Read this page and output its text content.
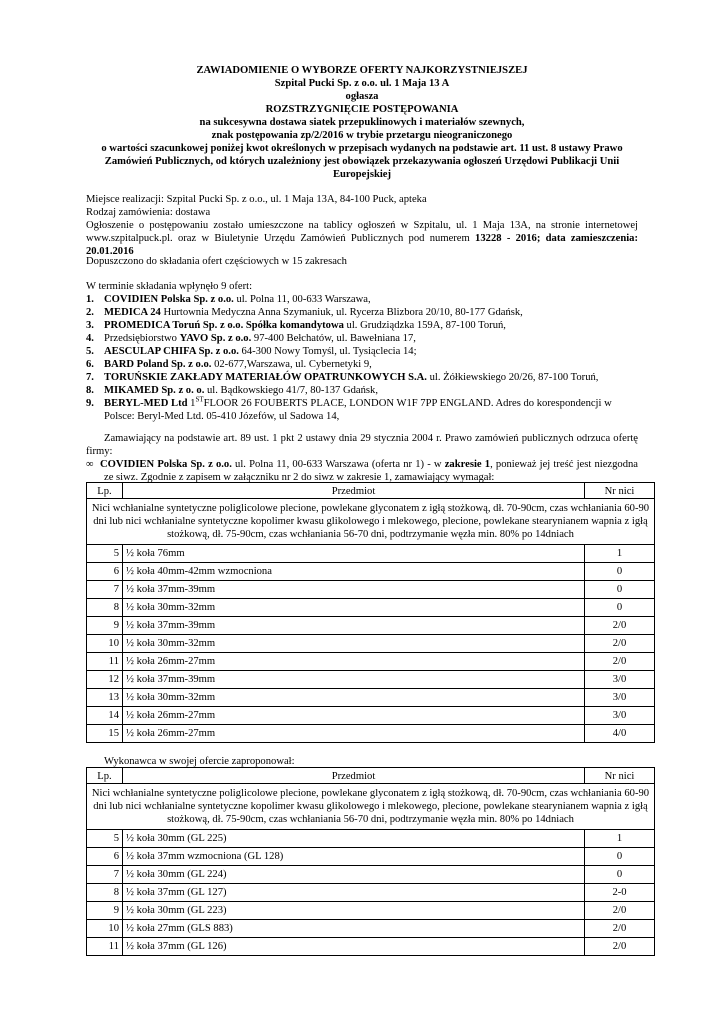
ZAWIADOMIENIE O WYBORZE OFERTY NAJKORZYSTNIEJSZEJ
Szpital Pucki Sp. z o.o. ul. 1 Maja 13 A
ogłasza
ROZSTRZYGNIĘCIE POSTĘPOWANIA
na sukcesywna dostawa siatek przepuklinowych i materiałów szewnych,
znak postępowania zp/2/2016 w trybie przetargu nieograniczonego
o wartości szacunkowej poniżej kwot określonych w przepisach wydanych na podstawie art. 11 ust. 8 ustawy Prawo Zamówień Publicznych, od których uzależniony jest obowiązek przekazywania ogłoszeń Urzędowi Publikacji Unii Europejskiej
Miejsce realizacji: Szpital Pucki Sp. z o.o., ul. 1 Maja 13A, 84-100 Puck, apteka
Rodzaj zamówienia: dostawa
Ogłoszenie o postępowaniu zostało umieszczone na tablicy ogłoszeń w Szpitalu, ul. 1 Maja 13A, na stronie internetowej www.szpitalpuck.pl. oraz w Biuletynie Urzędu Zamówień Publicznych pod numerem 13228 - 2016; data zamieszczenia: 20.01.2016
Dopuszczono do składania ofert częściowych w 15 zakresach
W terminie składania wpłynęło 9 ofert:
1. COVIDIEN Polska Sp. z o.o. ul. Polna 11, 00-633 Warszawa,
2. MEDICA 24 Hurtownia Medyczna Anna Szymaniuk, ul. Rycerza Blizbora 20/10, 80-177 Gdańsk,
3. PROMEDICA Toruń Sp. z o.o. Spółka komandytowa ul. Grudziądzka 159A, 87-100 Toruń,
4. Przedsiębiorstwo YAVO Sp. z o.o. 97-400 Bełchatów, ul. Bawełniana 17,
5. AESCULAP CHIFA Sp. z o.o. 64-300 Nowy Tomyśl, ul. Tysiąclecia 14;
6. BARD Poland Sp. z o.o. 02-677,Warszawa, ul. Cybernetyki 9,
7. TORUŃSKIE ZAKŁADY MATERIAŁÓW OPATRUNKOWYCH S.A. ul. Żółkiewskiego 20/26, 87-100 Toruń,
8. MIKAMED Sp. z o. o. ul. Bądkowskiego 41/7, 80-137 Gdańsk,
9. BERYL-MED Ltd 1STFLOOR 26 FOUBERTS PLACE, LONDON W1F 7PP ENGLAND. Adres do korespondencji w Polsce: Beryl-Med Ltd. 05-410 Józefów, ul Sadowa 14,
Zamawiający na podstawie art. 89 ust. 1 pkt 2 ustawy dnia 29 stycznia 2004 r. Prawo zamówień publicznych odrzuca ofertę firmy:
∞ COVIDIEN Polska Sp. z o.o. ul. Polna 11, 00-633 Warszawa (oferta nr 1) - w zakresie 1, ponieważ jej treść jest niezgodna ze siwz. Zgodnie z zapisem w załączniku nr 2 do siwz w zakresie 1, zamawiający wymagał:
Lp.	Przedmiot	Nr nici
Nici wchłanialne syntetyczne poliglicolowe plecione, powlekane glyconatem z igłą stożkową, dł. 70-90cm, czas wchłaniania 60-90 dni lub nici wchłanialne syntetyczne kopolimer kwasu glikolowego i mlekowego, plecione, powlekane stearynianem wapnia z igłą stożkową, dł. 75-90cm, czas wchłaniania 56-70 dni, podtrzymanie węzła min. 80% po 14dniach		
5	½ koła 76mm	1
6	½ koła 40mm-42mm wzmocniona	0
7	½ koła 37mm-39mm	0
8	½ koła 30mm-32mm	0
9	½ koła 37mm-39mm	2/0
10	½ koła 30mm-32mm	2/0
11	½ koła 26mm-27mm	2/0
12	½ koła 37mm-39mm	3/0
13	½ koła 30mm-32mm	3/0
14	½ koła 26mm-27mm	3/0
15	½ koła 26mm-27mm	4/0
Wykonawca w swojej ofercie zaproponował:
Lp.	Przedmiot	Nr nici
Nici wchłanialne syntetyczne poliglicolowe plecione, powlekane glyconatem z igłą stożkową, dł. 70-90cm, czas wchłaniania 60-90 dni lub nici wchłanialne syntetyczne kopolimer kwasu glikolowego i mlekowego, plecione, powlekane stearynianem wapnia z igłą stożkową, dł. 75-90cm, czas wchłaniania 56-70 dni, podtrzymanie węzła min. 80% po 14dniach		
5	½ koła 30mm (GL 225)	1
6	½ koła 37mm wzmocniona (GL 128)	0
7	½ koła 30mm (GL 224)	0
8	½ koła 37mm (GL 127)	2-0
9	½ koła 30mm (GL 223)	2/0
10	½ koła 27mm (GLS 883)	2/0
11	½ koła 37mm (GL 126)	2/0
